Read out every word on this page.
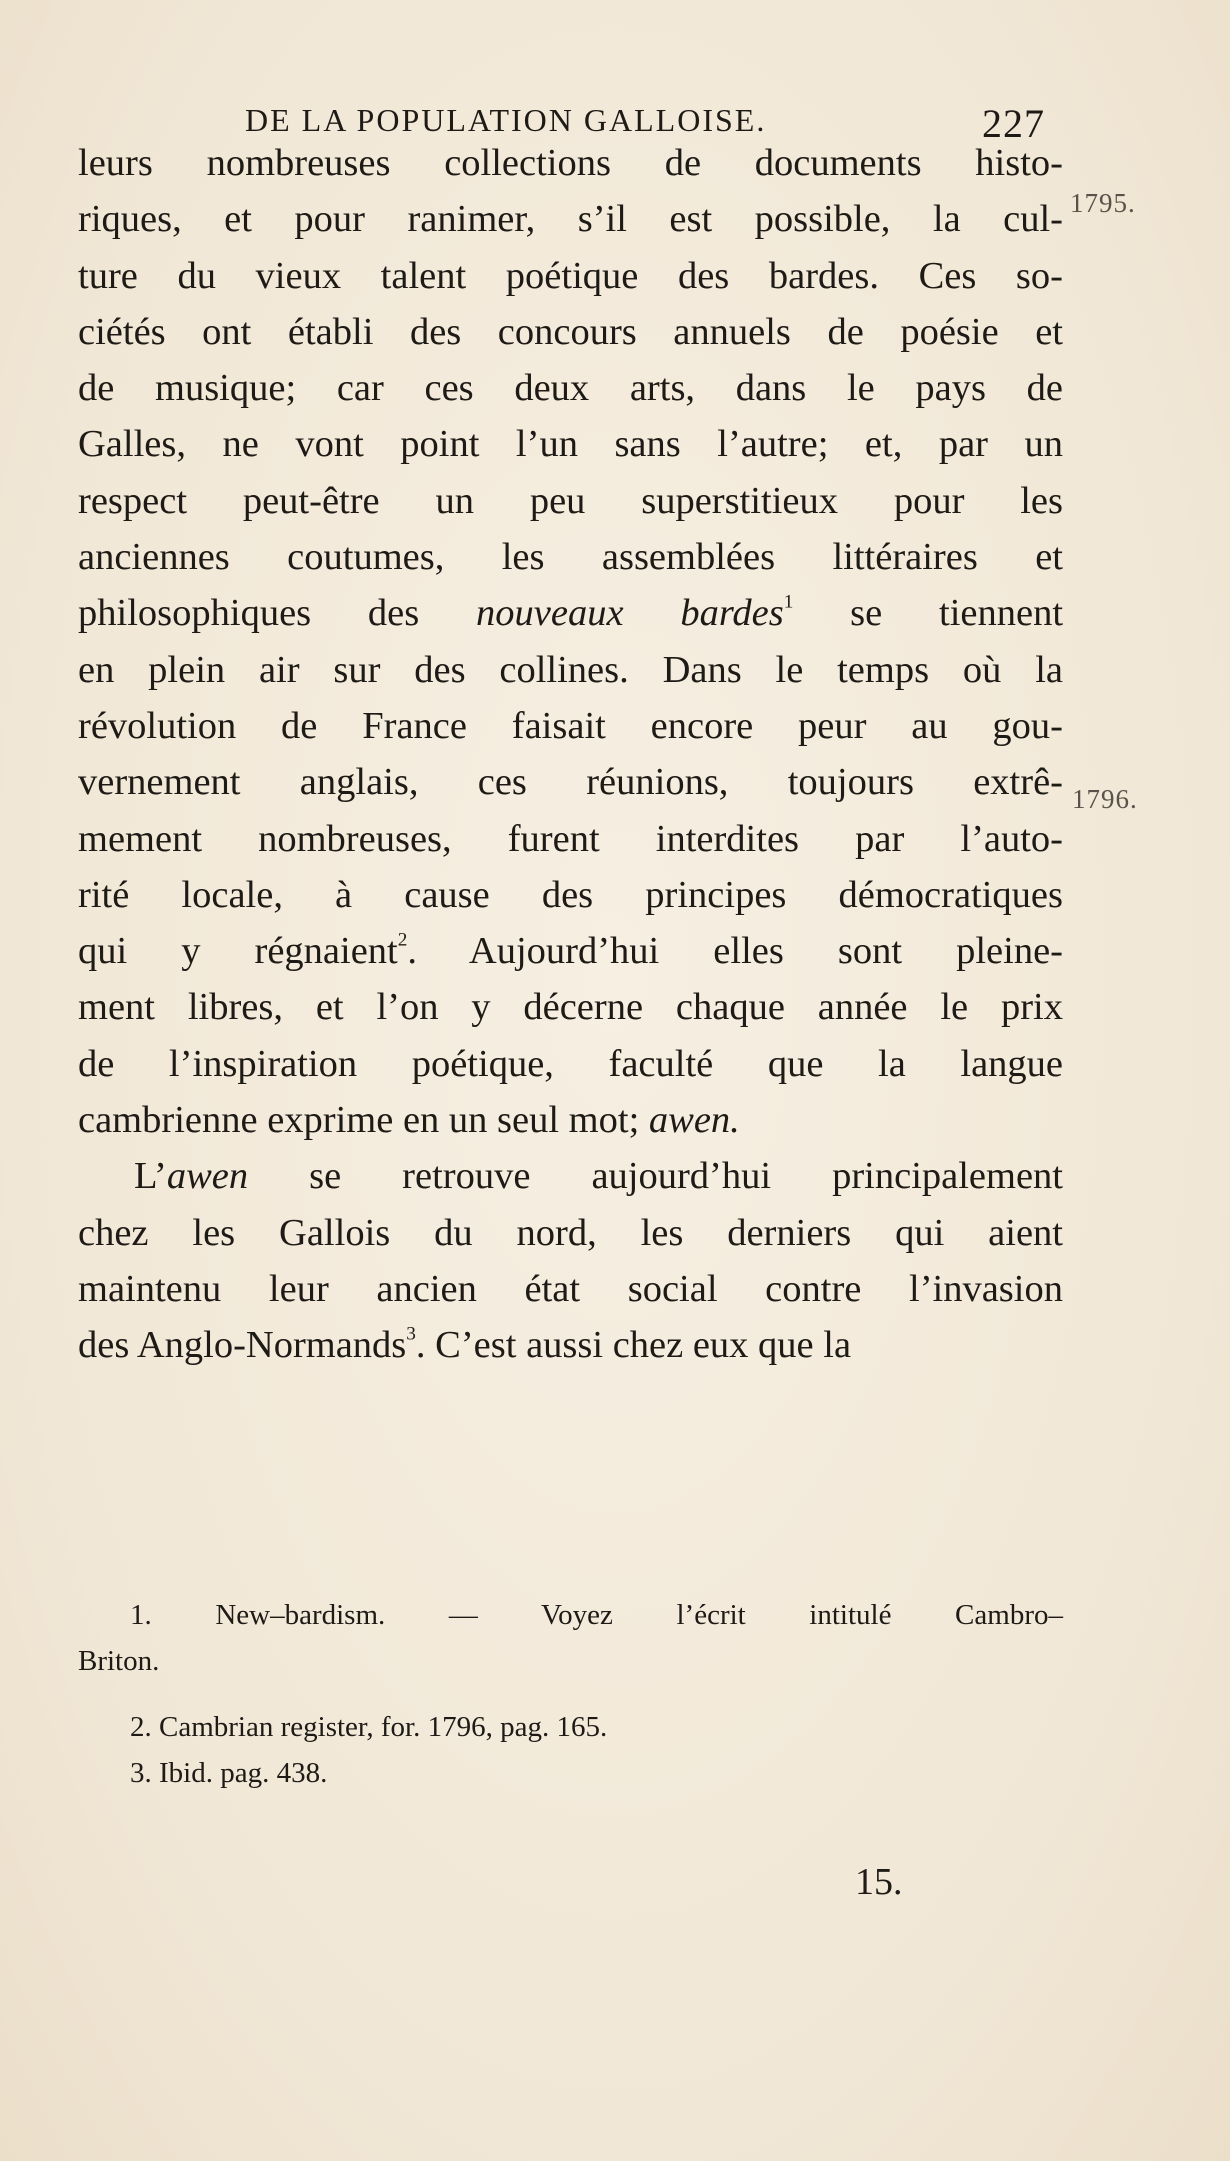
DE LA POPULATION GALLOISE.	227
1795.
1796.
leurs nombreuses collections de documents histo-
riques, et pour ranimer, s’il est possible, la cul-
ture du vieux talent poétique des bardes. Ces so-
ciétés ont établi des concours annuels de poésie et
de musique; car ces deux arts, dans le pays de
Galles, ne vont point l’un sans l’autre; et, par un
respect peut-être un peu superstitieux pour les
anciennes coutumes, les assemblées littéraires et
philosophiques des nouveaux bardes$^1$ se tiennent
en plein air sur des collines. Dans le temps où la
révolution de France faisait encore peur au gou-
vernement anglais, ces réunions, toujours extrê-
mement nombreuses, furent interdites par l’auto-
rité locale, à cause des principes démocratiques
qui y régnaient$^2$. Aujourd’hui elles sont pleine-
ment libres, et l’on y décerne chaque année le prix
de l’inspiration poétique, faculté que la langue
cambrienne exprime en un seul mot; awen.
L’awen se retrouve aujourd’hui principalement
chez les Gallois du nord, les derniers qui aient
maintenu leur ancien état social contre l’invasion
des Anglo-Normands$^3$. C’est aussi chez eux que la
1. New–bardism. — Voyez l’écrit intitulé Cambro–
Briton.
2. Cambrian register, for. 1796, pag. 165.
3. Ibid. pag. 438.
15.
